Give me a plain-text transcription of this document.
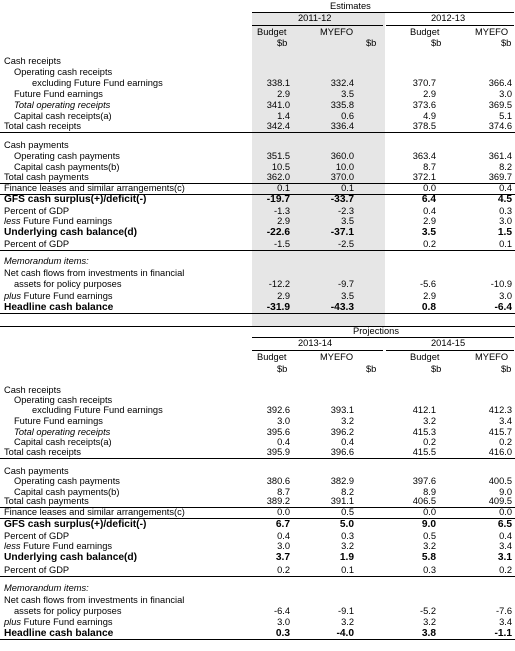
Estimates
2011-12	2012-13
Budget	MYEFO	Budget	MYEFO
$b	$b	$b	$b
Cash receipts
Operating cash receipts
excluding Future Fund earnings	338.1	332.4	370.7	366.4
Future Fund earnings	2.9	3.5	2.9	3.0
Total operating receipts	341.0	335.8	373.6	369.5
Capital cash receipts(a)	1.4	0.6	4.9	5.1
Total cash receipts	342.4	336.4	378.5	374.6
Cash payments
Operating cash payments	351.5	360.0	363.4	361.4
Capital cash payments(b)	10.5	10.0	8.7	8.2
Total cash payments	362.0	370.0	372.1	369.7
Finance leases and similar arrangements(c)	0.1	0.1	0.0	0.4
GFS cash surplus(+)/deficit(-)	-19.7	-33.7	6.4	4.5
Percent of GDP	-1.3	-2.3	0.4	0.3
less Future Fund earnings	2.9	3.5	2.9	3.0
Underlying cash balance(d)	-22.6	-37.1	3.5	1.5
Percent of GDP	-1.5	-2.5	0.2	0.1
Memorandum items:
Net cash flows from investments in financial
assets for policy purposes	-12.2	-9.7	-5.6	-10.9
plus Future Fund earnings	2.9	3.5	2.9	3.0
Headline cash balance	-31.9	-43.3	0.8	-6.4
Projections
2013-14	2014-15
Budget	MYEFO	Budget	MYEFO
$b	$b	$b	$b
Cash receipts
Operating cash receipts
excluding Future Fund earnings	392.6	393.1	412.1	412.3
Future Fund earnings	3.0	3.2	3.2	3.4
Total operating receipts	395.6	396.2	415.3	415.7
Capital cash receipts(a)	0.4	0.4	0.2	0.2
Total cash receipts	395.9	396.6	415.5	416.0
Cash payments
Operating cash payments	380.6	382.9	397.6	400.5
Capital cash payments(b)	8.7	8.2	8.9	9.0
Total cash payments	389.2	391.1	406.5	409.5
Finance leases and similar arrangements(c)	0.0	0.5	0.0	0.0
GFS cash surplus(+)/deficit(-)	6.7	5.0	9.0	6.5
Percent of GDP	0.4	0.3	0.5	0.4
less Future Fund earnings	3.0	3.2	3.2	3.4
Underlying cash balance(d)	3.7	1.9	5.8	3.1
Percent of GDP	0.2	0.1	0.3	0.2
Memorandum items:
Net cash flows from investments in financial
assets for policy purposes	-6.4	-9.1	-5.2	-7.6
plus Future Fund earnings	3.0	3.2	3.2	3.4
Headline cash balance	0.3	-4.0	3.8	-1.1
